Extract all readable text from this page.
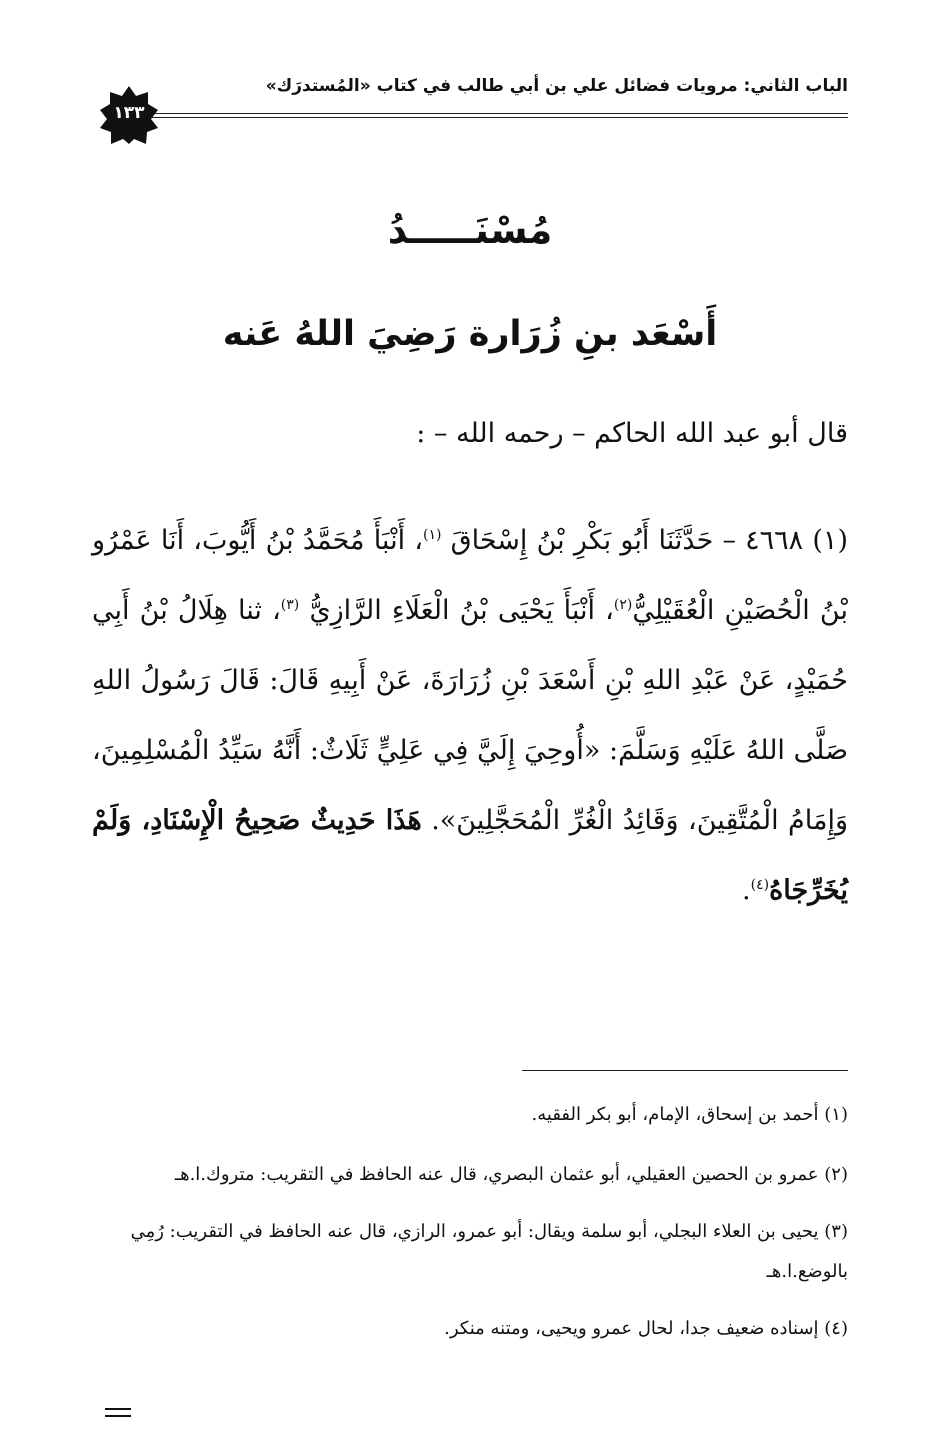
الباب الثاني: مرويات فضائل علي بن أبي طالب في كتاب «المُستدرَك»
١٣٣
مُسْنَـــــدُ
أَسْعَد بنِ زُرَارة رَضِيَ اللهُ عَنه
قال أبو عبد الله الحاكم – رحمه الله – :
(١) ٤٦٦٨ – حَدَّثَنَا أَبُو بَكْرِ بْنُ إِسْحَاقَ $^{(١)}$، أَنْبَأَ مُحَمَّدُ بْنُ أَيُّوبَ، أَنَا عَمْرُو بْنُ الْحُصَيْنِ الْعُقَيْلِيُّ$^{(٢)}$، أَنْبَأَ يَحْيَى بْنُ الْعَلَاءِ الرَّازِيُّ $^{(٣)}$، ثنا هِلَالُ بْنُ أَبِي حُمَيْدٍ، عَنْ عَبْدِ اللهِ بْنِ أَسْعَدَ بْنِ زُرَارَةَ، عَنْ أَبِيهِ قَالَ: قَالَ رَسُولُ اللهِ صَلَّى اللهُ عَلَيْهِ وَسَلَّمَ: «أُوحِيَ إِلَيَّ فِي عَلِيٍّ ثَلَاثٌ: أَنَّهُ سَيِّدُ الْمُسْلِمِينَ، وَإِمَامُ الْمُتَّقِينَ، وَقَائِدُ الْغُرِّ الْمُحَجَّلِينَ». هَذَا حَدِيثٌ صَحِيحُ الْإِسْنَادِ، وَلَمْ يُخَرِّجَاهُ$^{(٤)}$.
(١) أحمد بن إسحاق، الإمام، أبو بكر الفقيه.
(٢) عمرو بن الحصين العقيلي، أبو عثمان البصري، قال عنه الحافظ في التقريب: متروك.ا.هـ
(٣) يحيى بن العلاء البجلي، أبو سلمة ويقال: أبو عمرو، الرازي، قال عنه الحافظ في التقريب: رُمِي بالوضع.ا.هـ
(٤) إسناده ضعيف جدا، لحال عمرو ويحيى، ومتنه منكر.
